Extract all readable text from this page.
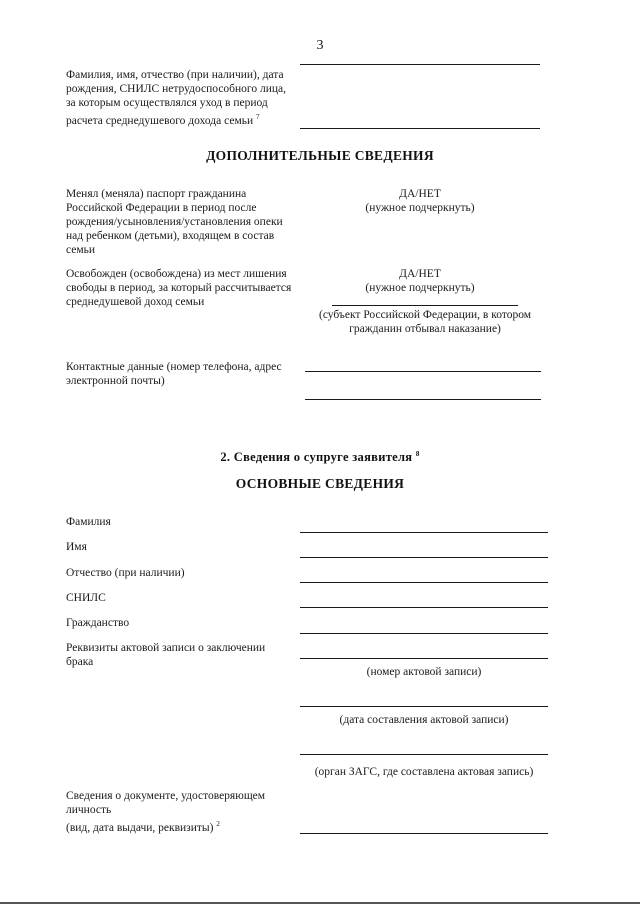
3
Фамилия, имя, отчество (при наличии), дата рождения, СНИЛС нетрудоспособного лица, за которым осуществлялся уход в период расчета среднедушевого дохода семьи $^7$
ДОПОЛНИТЕЛЬНЫЕ СВЕДЕНИЯ
Менял (меняла) паспорт гражданина Российской Федерации в период после рождения/усыновления/установления опеки над ребенком (детьми), входящем в состав семьи
ДА/НЕТ
(нужное подчеркнуть)
Освобожден (освобождена) из мест лишения свободы в период, за который рассчитывается среднедушевой доход семьи
ДА/НЕТ
(нужное подчеркнуть)
(субъект Российской Федерации, в котором гражданин отбывал наказание)
Контактные данные (номер телефона, адрес электронной почты)
2. Сведения о супруге заявителя $^8$
ОСНОВНЫЕ СВЕДЕНИЯ
Фамилия
Имя
Отчество (при наличии)
СНИЛС
Гражданство
Реквизиты актовой записи о заключении брака
(номер актовой записи)
(дата составления актовой записи)
(орган ЗАГС, где составлена актовая запись)
Сведения о документе, удостоверяющем личность
(вид, дата выдачи, реквизиты) $^2$
